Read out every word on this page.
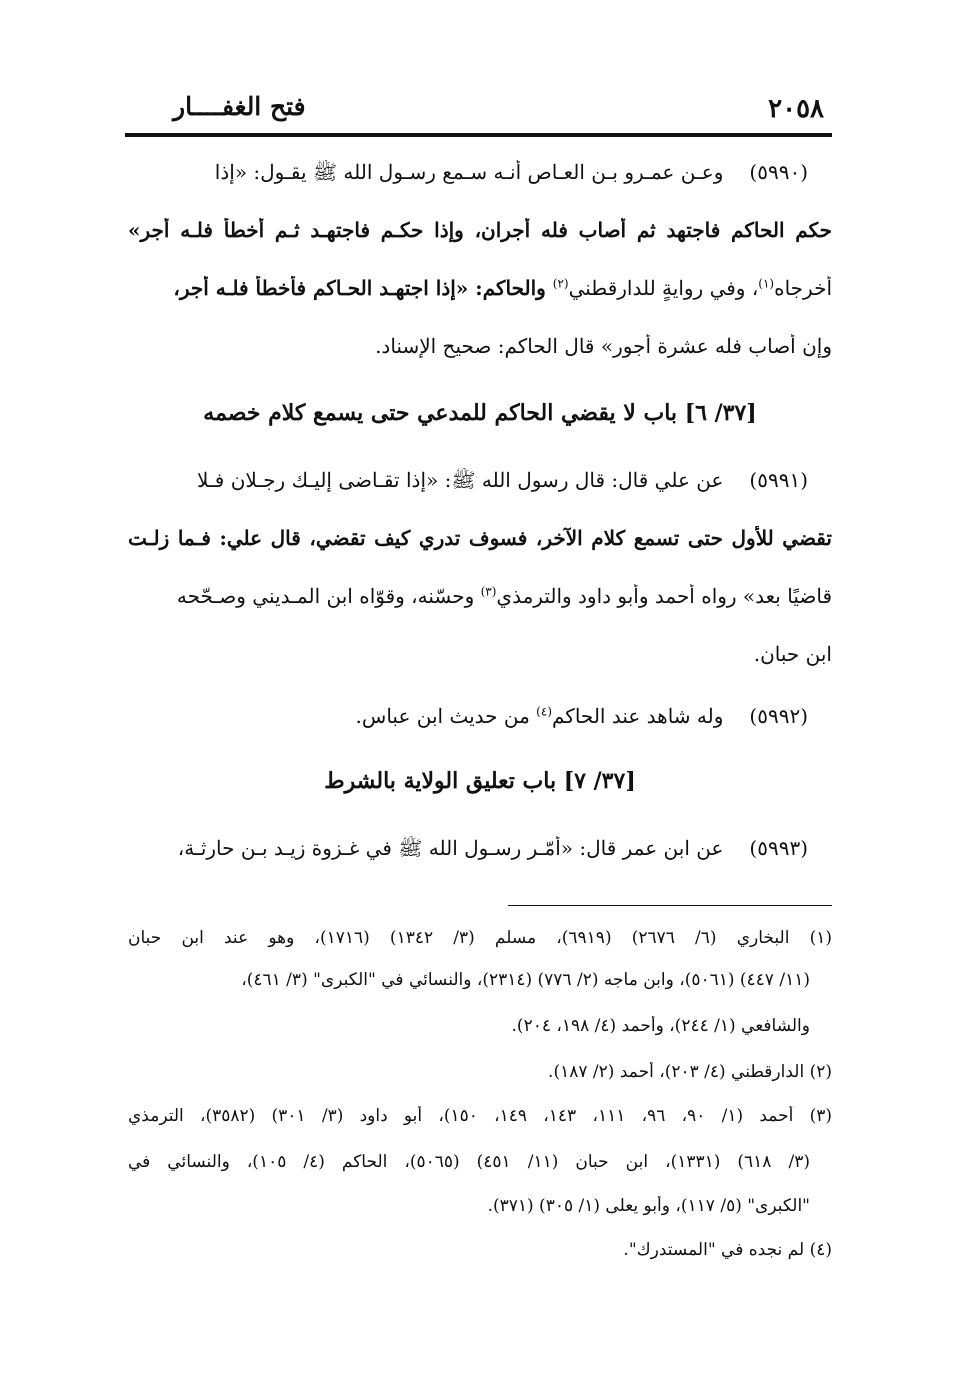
٢٠٥٨
فتح الغفــــار
(٥٩٩٠)وعـن عمـرو بـن العـاص أنـه سـمع رسـول الله ﷺ يقـول: «إذا
حكم الحاكم فاجتهد ثم أصاب فله أجران، وإذا حكـم فاجتهـد ثـم أخطأ فلـه أجر»
أخرجاه$^{(١)}$، وفي روايةٍ للدارقطني$^{(٢)}$ والحاكم: «إذا اجتهـد الحـاكم فأخطأ فلـه أجر،
وإن أصاب فله عشرة أجور» قال الحاكم: صحيح الإسناد.
[٣٧/ ٦] باب لا يقضي الحاكم للمدعي حتى يسمع كلام خصمه
(٥٩٩١)عن علي قال: قال رسول الله ﷺ: «إذا تقـاضى إليـك رجـلان فـلا
تقضي للأول حتى تسمع كلام الآخر، فسوف تدري كيف تقضي، قال علي: فـما زلـت
قاضيًا بعد» رواه أحمد وأبو داود والترمذي$^{(٣)}$ وحسّنه، وقوّاه ابن المـديني وصـحّحه
ابن حبان.
(٥٩٩٢)وله شاهد عند الحاكم$^{(٤)}$ من حديث ابن عباس.
[٣٧/ ٧] باب تعليق الولاية بالشرط
(٥٩٩٣)عن ابن عمر قال: «أمّـر رسـول الله ﷺ في غـزوة زيـد بـن حارثـة،
(١) البخاري (٦/ ٢٦٧٦) (٦٩١٩)، مسلم (٣/ ١٣٤٢) (١٧١٦)، وهو عند ابن حبان
(١١/ ٤٤٧) (٥٠٦١)، وابن ماجه (٢/ ٧٧٦) (٢٣١٤)، والنسائي في "الكبرى" (٣/ ٤٦١)،
والشافعي (١/ ٢٤٤)، وأحمد (٤/ ١٩٨، ٢٠٤).
(٢) الدارقطني (٤/ ٢٠٣)، أحمد (٢/ ١٨٧).
(٣) أحمد (١/ ٩٠، ٩٦، ١١١، ١٤٣، ١٤٩، ١٥٠)، أبو داود (٣/ ٣٠١) (٣٥٨٢)، الترمذي
(٣/ ٦١٨) (١٣٣١)، ابن حبان (١١/ ٤٥١) (٥٠٦٥)، الحاكم (٤/ ١٠٥)، والنسائي في
"الكبرى" (٥/ ١١٧)، وأبو يعلى (١/ ٣٠٥) (٣٧١).
(٤) لم نجده في "المستدرك".
